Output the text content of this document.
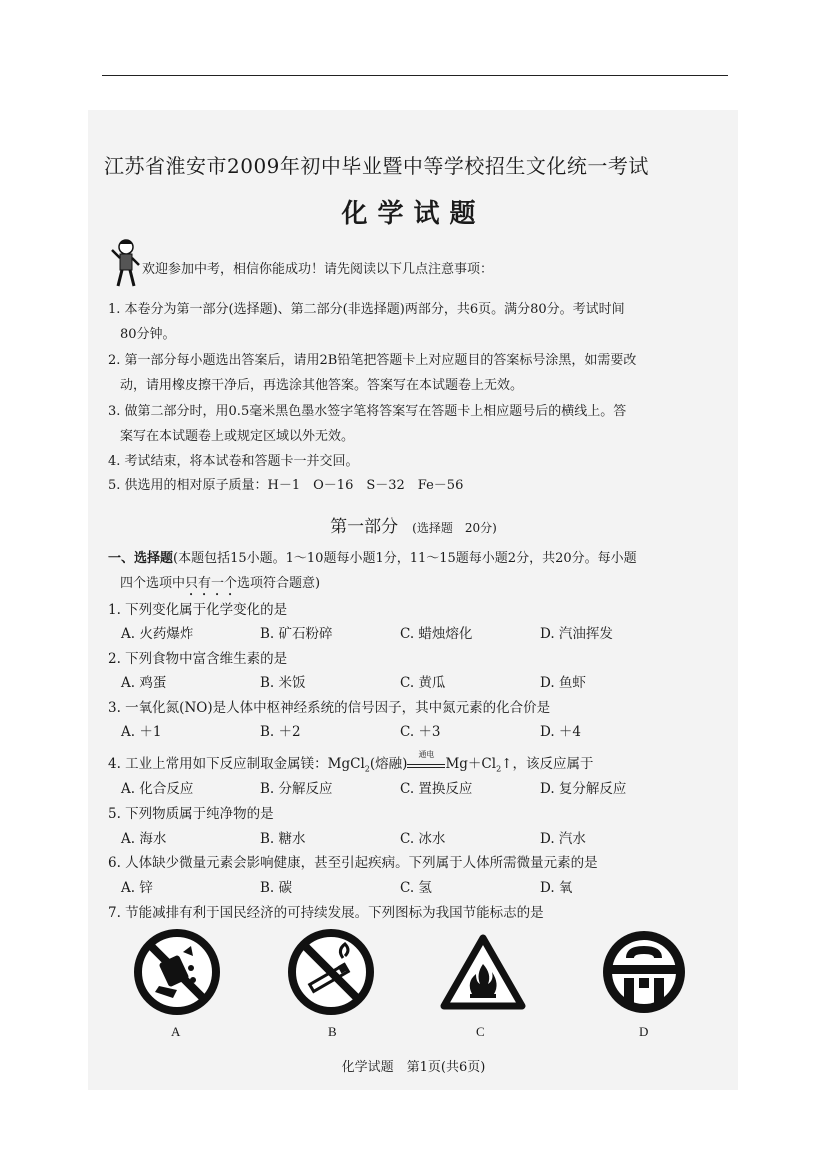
江苏省淮安市2009年初中毕业暨中等学校招生文化统一考试
化学试题
欢迎参加中考，相信你能成功！请先阅读以下几点注意事项：
1. 本卷分为第一部分(选择题)、第二部分(非选择题)两部分，共6页。满分80分。考试时间
80分钟。
2. 第一部分每小题选出答案后，请用2B铅笔把答题卡上对应题目的答案标号涂黑，如需要改
动，请用橡皮擦干净后，再选涂其他答案。答案写在本试题卷上无效。
3. 做第二部分时，用0.5毫米黑色墨水签字笔将答案写在答题卡上相应题号后的横线上。答
案写在本试题卷上或规定区域以外无效。
4. 考试结束，将本试卷和答题卡一并交回。
5. 供选用的相对原子质量：H－1　O－16　S－32　Fe－56
第一部分 (选择题　20分)
一、选择题(本题包括15小题。1～10题每小题1分，11～15题每小题2分，共20分。每小题
四个选项中只有一个选项符合题意)
1. 下列变化属于化学变化的是
A. 火药爆炸	B. 矿石粉碎	C. 蜡烛熔化	D. 汽油挥发
2. 下列食物中富含维生素的是
A. 鸡蛋	B. 米饭	C. 黄瓜	D. 鱼虾
3. 一氧化氮(NO)是人体中枢神经系统的信号因子，其中氮元素的化合价是
A. ＋1	B. ＋2	C. ＋3	D. ＋4
4. 工业上常用如下反应制取金属镁：MgCl$_2$(熔融)
通电
$Mg+Cl_2↑$，该反应属于
A. 化合反应	B. 分解反应	C. 置换反应	D. 复分解反应
5. 下列物质属于纯净物的是
A. 海水	B. 糖水	C. 冰水	D. 汽水
6. 人体缺少微量元素会影响健康，甚至引起疾病。下列属于人体所需微量元素的是
A. 锌	B. 碳	C. 氢	D. 氧
7. 节能减排有利于国民经济的可持续发展。下列图标为我国节能标志的是
A	B	C	D
化学试题　第1页(共6页)
